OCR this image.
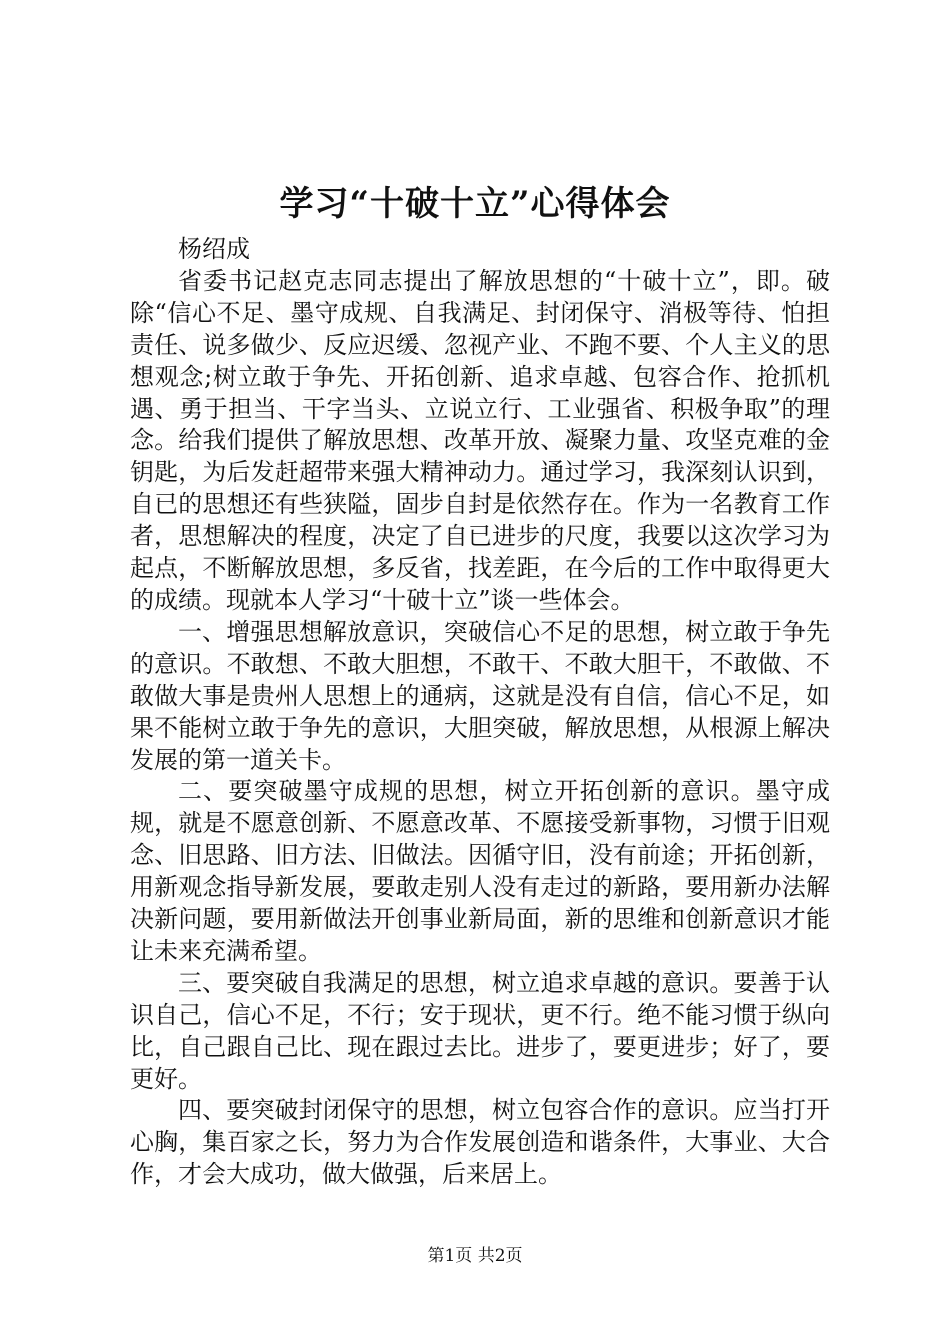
学习“十破十立”心得体会

杨绍成

省委书记赵克志同志提出了解放思想的“十破十立”，即。破除“信心不足、墨守成规、自我满足、封闭保守、消极等待、怕担责任、说多做少、反应迟缓、忽视产业、不跑不要、个人主义的思想观念;树立敢于争先、开拓创新、追求卓越、包容合作、抢抓机遇、勇于担当、干字当头、立说立行、工业强省、积极争取”的理念。给我们提供了解放思想、改革开放、凝聚力量、攻坚克难的金钥匙，为后发赶超带来强大精神动力。通过学习，我深刻认识到，自已的思想还有些狭隘，固步自封是依然存在。作为一名教育工作者，思想解决的程度，决定了自已进步的尺度，我要以这次学习为起点，不断解放思想，多反省，找差距，在今后的工作中取得更大的成绩。现就本人学习“十破十立”谈一些体会。

一、增强思想解放意识，突破信心不足的思想，树立敢于争先的意识。不敢想、不敢大胆想，不敢干、不敢大胆干，不敢做、不敢做大事是贵州人思想上的通病，这就是没有自信，信心不足，如果不能树立敢于争先的意识，大胆突破，解放思想，从根源上解决发展的第一道关卡。

二、要突破墨守成规的思想，树立开拓创新的意识。墨守成规，就是不愿意创新、不愿意改革、不愿接受新事物，习惯于旧观念、旧思路、旧方法、旧做法。因循守旧，没有前途；开拓创新，用新观念指导新发展，要敢走别人没有走过的新路，要用新办法解决新问题，要用新做法开创事业新局面，新的思维和创新意识才能让未来充满希望。

三、要突破自我满足的思想，树立追求卓越的意识。要善于认识自己，信心不足，不行；安于现状，更不行。绝不能习惯于纵向比，自己跟自己比、现在跟过去比。进步了，要更进步；好了，要更好。

四、要突破封闭保守的思想，树立包容合作的意识。应当打开心胸，集百家之长，努力为合作发展创造和谐条件，大事业、大合作，才会大成功，做大做强，后来居上。

第1页 共2页
